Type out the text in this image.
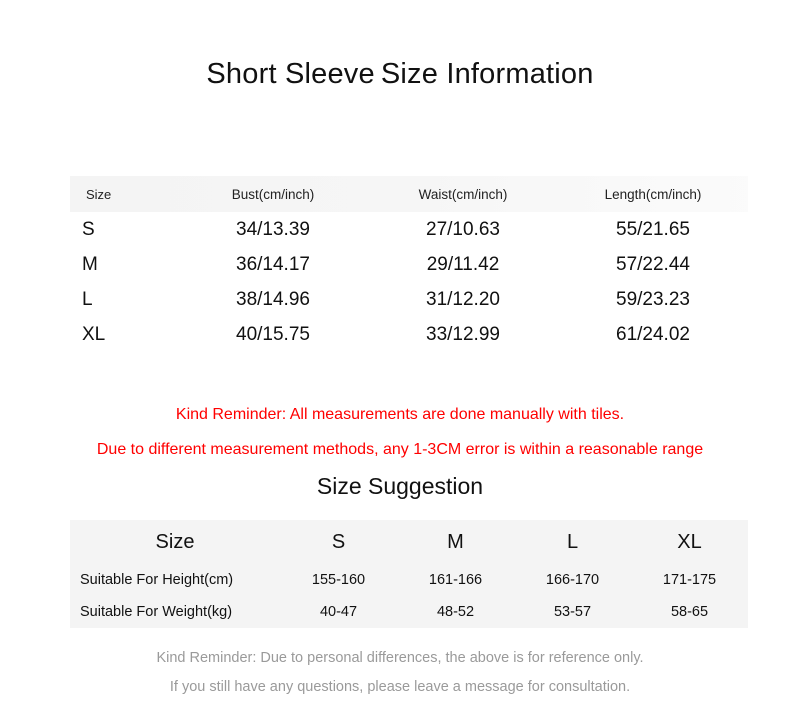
Short Sleeve Size Information
Size	Bust(cm/inch)	Waist(cm/inch)	Length(cm/inch)
S	34/13.39	27/10.63	55/21.65
M	36/14.17	29/11.42	57/22.44
L	38/14.96	31/12.20	59/23.23
XL	40/15.75	33/12.99	61/24.02
Kind Reminder: All measurements are done manually with tiles.
Due to different measurement methods, any 1-3CM error is within a reasonable range
Size Suggestion
Size	S	M	L	XL
Suitable For Height(cm)	155-160	161-166	166-170	171-175
Suitable For Weight(kg)	40-47	48-52	53-57	58-65
Kind Reminder: Due to personal differences, the above is for reference only.
If you still have any questions, please leave a message for consultation.
